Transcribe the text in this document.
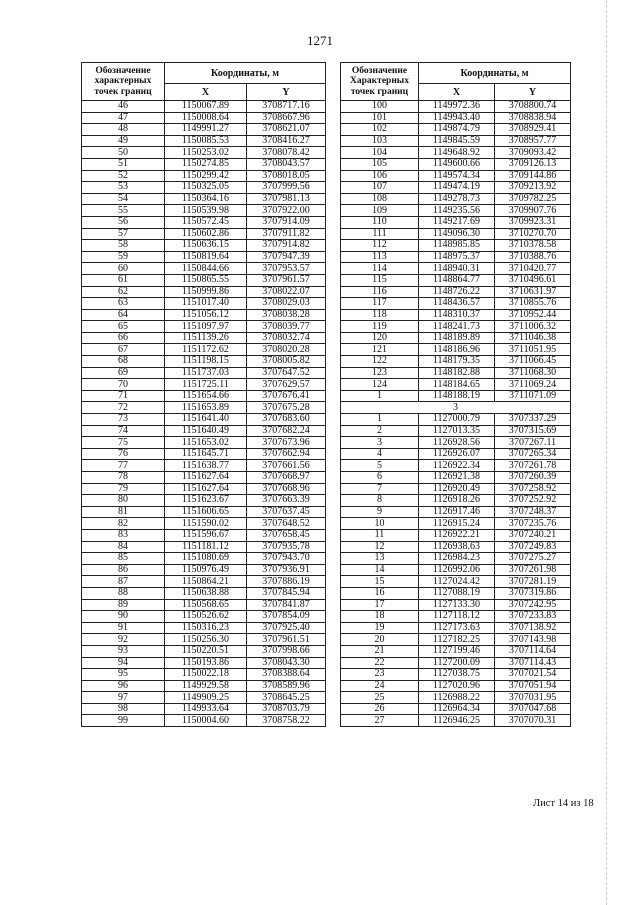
1271
Обозначение характерных точек границ	Координаты, м	
	X	Y
46	1150067.89	3708717.16
47	1150008.64	3708667.96
48	1149991.27	3708621.07
49	1150085.53	3708416.27
50	1150253.02	3708078.42
51	1150274.85	3708043.57
52	1150299.42	3708018.05
53	1150325.05	3707999.56
54	1150364.16	3707981.13
55	1150539.98	3707922.00
56	1150572.45	3707914.09
57	1150602.86	3707911.82
58	1150636.15	3707914.82
59	1150819.64	3707947.39
60	1150844.66	3707953.57
61	1150865.55	3707961.57
62	1150999.86	3708022.07
63	1151017.40	3708029.03
64	1151056.12	3708038.28
65	1151097.97	3708039.77
66	1151139.26	3708032.74
67	1151172.62	3708020.28
68	1151198.15	3708005.82
69	1151737.03	3707647.52
70	1151725.11	3707629.57
71	1151654.66	3707676.41
72	1151653.89	3707675.28
73	1151641.40	3707683.60
74	1151640.49	3707682.24
75	1151653.02	3707673.96
76	1151645.71	3707662.94
77	1151638.77	3707661.56
78	1151627.64	3707668.97
79	1151627.64	3707668.96
80	1151623.67	3707663.39
81	1151606.65	3707637.45
82	1151590.02	3707648.52
83	1151596.67	3707658.45
84	1151181.12	3707935.78
85	1151080.69	3707943.70
86	1150976.49	3707936.91
87	1150864.21	3707886.19
88	1150638.88	3707845.94
89	1150568.65	3707841.87
90	1150526.62	3707854.09
91	1150316.23	3707925.40
92	1150256.30	3707961.51
93	1150220.51	3707998.66
94	1150193.86	3708043.30
95	1150022.18	3708388.64
96	1149929.58	3708589.96
97	1149909.25	3708645.25
98	1149933.64	3708703.79
99	1150004.60	3708758.22
Обозначение Характерных точек границ	Координаты, м	
	X	Y
100	1149972.36	3708800.74
101	1149943.40	3708838.94
102	1149874.79	3708929.41
103	1149845.59	3708957.77
104	1149648.92	3709093.42
105	1149600.66	3709126.13
106	1149574.34	3709144.86
107	1149474.19	3709213.92
108	1149278.73	3709782.25
109	1149235.56	3709907.76
110	1149217.69	3709923.31
111	1149096.30	3710270.70
112	1148985.85	3710378.58
113	1148975.37	3710388.76
114	1148940.31	3710420.77
115	1148864.77	3710496.61
116	1148726.22	3710631.97
117	1148436.57	3710855.76
118	1148310.37	3710952.44
119	1148241.73	3711006.32
120	1148189.89	3711046.38
121	1148186.96	3711051.95
122	1148179.35	3711066.45
123	1148182.88	3711068.30
124	1148184.65	3711069.24
1	1148188.19	3711071.09
3		
1	1127000.79	3707337.29
2	1127013.35	3707315.69
3	1126928.56	3707267.11
4	1126926.07	3707265.34
5	1126922.34	3707261.78
6	1126921.38	3707260.39
7	1126920.49	3707258.92
8	1126918.26	3707252.92
9	1126917.46	3707248.37
10	1126915.24	3707235.76
11	1126922.21	3707240.21
12	1126938.63	3707249.83
13	1126984.23	3707275.27
14	1126992.06	3707261.98
15	1127024.42	3707281.19
16	1127088.19	3707319.86
17	1127133.30	3707242.95
18	1127118.12	3707233.83
19	1127173.63	3707138.92
20	1127182.25	3707143.98
21	1127199.46	3707114.64
22	1127200.09	3707114.43
23	1127038.75	3707021.54
24	1127020.96	3707051.94
25	1126988.22	3707031.95
26	1126964.34	3707047.68
27	1126946.25	3707070.31
Лист 14 из 18
